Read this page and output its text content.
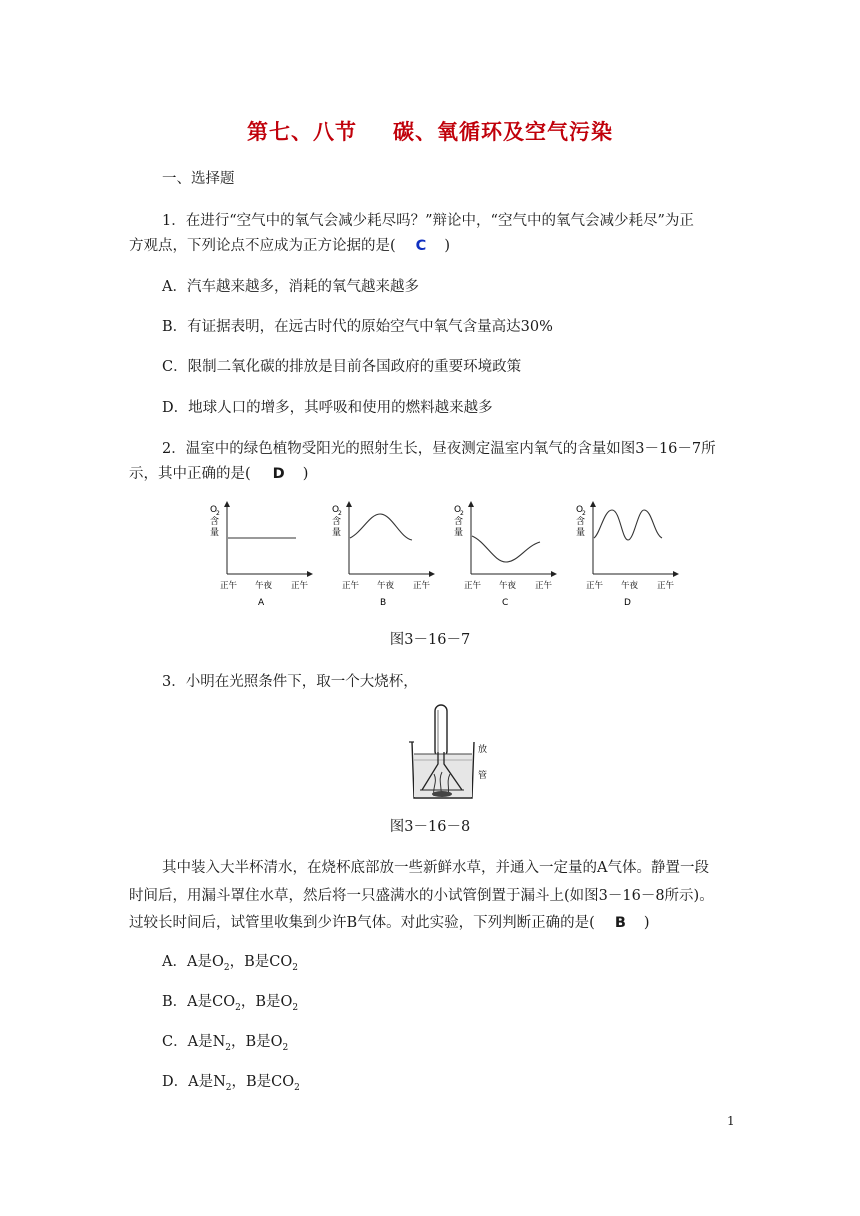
第七、八节 碳、氧循环及空气污染
一、选择题
1．在进行“空气中的氧气会减少耗尽吗？”辩论中，“空气中的氧气会减少耗尽”为正
方观点，下列论点不应成为正方论据的是( C )
A．汽车越来越多，消耗的氧气越来越多
B．有证据表明，在远古时代的原始空气中氧气含量高达30%
C．限制二氧化碳的排放是目前各国政府的重要环境政策
D．地球人口的增多，其呼吸和使用的燃料越来越多
2．温室中的绿色植物受阳光的照射生长，昼夜测定温室内氧气的含量如图3－16－7所
示，其中正确的是( D )
O
2
含
量
正午 午夜 正午
A
O
2
含
量
正午 午夜 正午
B
O
2
含
量
正午 午夜 正午
C
O
2
含
量
正午 午夜 正午
D
图3－16－7
3．小明在光照条件下，取一个大烧杯，
放
管
图3－16－8
其中装入大半杯清水，在烧杯底部放一些新鲜水草，并通入一定量的A气体。静置一段
时间后，用漏斗罩住水草，然后将一只盛满水的小试管倒置于漏斗上(如图3－16－8所示)。
过较长时间后，试管里收集到少许B气体。对此实验，下列判断正确的是( B )
A．A是$O_2$，B是$CO_2$
B．A是$CO_2$，B是$O_2$
C．A是$N_2$，B是$O_2$
D．A是$N_2$，B是$CO_2$
1
